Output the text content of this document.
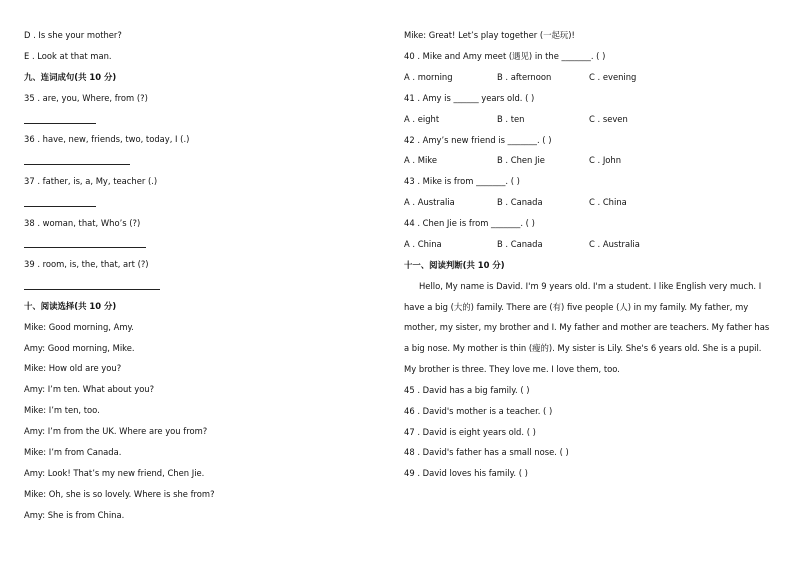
D . Is she your mother?
E . Look at that man.
九、连词成句(共 10 分)
35 . are, you, Where, from (?)
36 . have, new, friends, two, today, I (.)
37 . father, is, a, My, teacher (.)
38 . woman, that, Who’s (?)
39 . room, is, the, that, art (?)
十、阅读选择(共 10 分)
Mike: Good morning, Amy.
Amy: Good morning, Mike.
Mike: How old are you?
Amy: I’m ten. What about you?
Mike: I’m ten, too.
Amy: I’m from the UK. Where are you from?
Mike: I’m from Canada.
Amy: Look! That’s my new friend, Chen Jie.
Mike: Oh, she is so lovely. Where is she from?
Amy: She is from China.
Mike: Great! Let’s play together (一起玩)!
40 . Mike and Amy meet (遇见) in the _______. ( )
A . morning	B . afternoon	C . evening
41 . Amy is ______ years old. ( )
A . eight	B . ten	C . seven
42 . Amy’s new friend is _______. ( )
A . Mike	B . Chen Jie	C . John
43 . Mike is from _______. ( )
A . Australia	B . Canada	C . China
44 . Chen Jie is from _______. ( )
A . China	B . Canada	C . Australia
十一、阅读判断(共 10 分)
Hello, My name is David. I'm 9 years old. I'm a student. I like English very much. I
have a big (大的) family. There are (有) five people (人) in my family. My father, my
mother, my sister, my brother and I. My father and mother are teachers. My father has
a big nose. My mother is thin (瘦的). My sister is Lily. She's 6 years old. She is a pupil.
My brother is three. They love me. I love them, too.
45 . David has a big family. ( )
46 . David's mother is a teacher. ( )
47 . David is eight years old. ( )
48 . David's father has a small nose. ( )
49 . David loves his family. ( )
